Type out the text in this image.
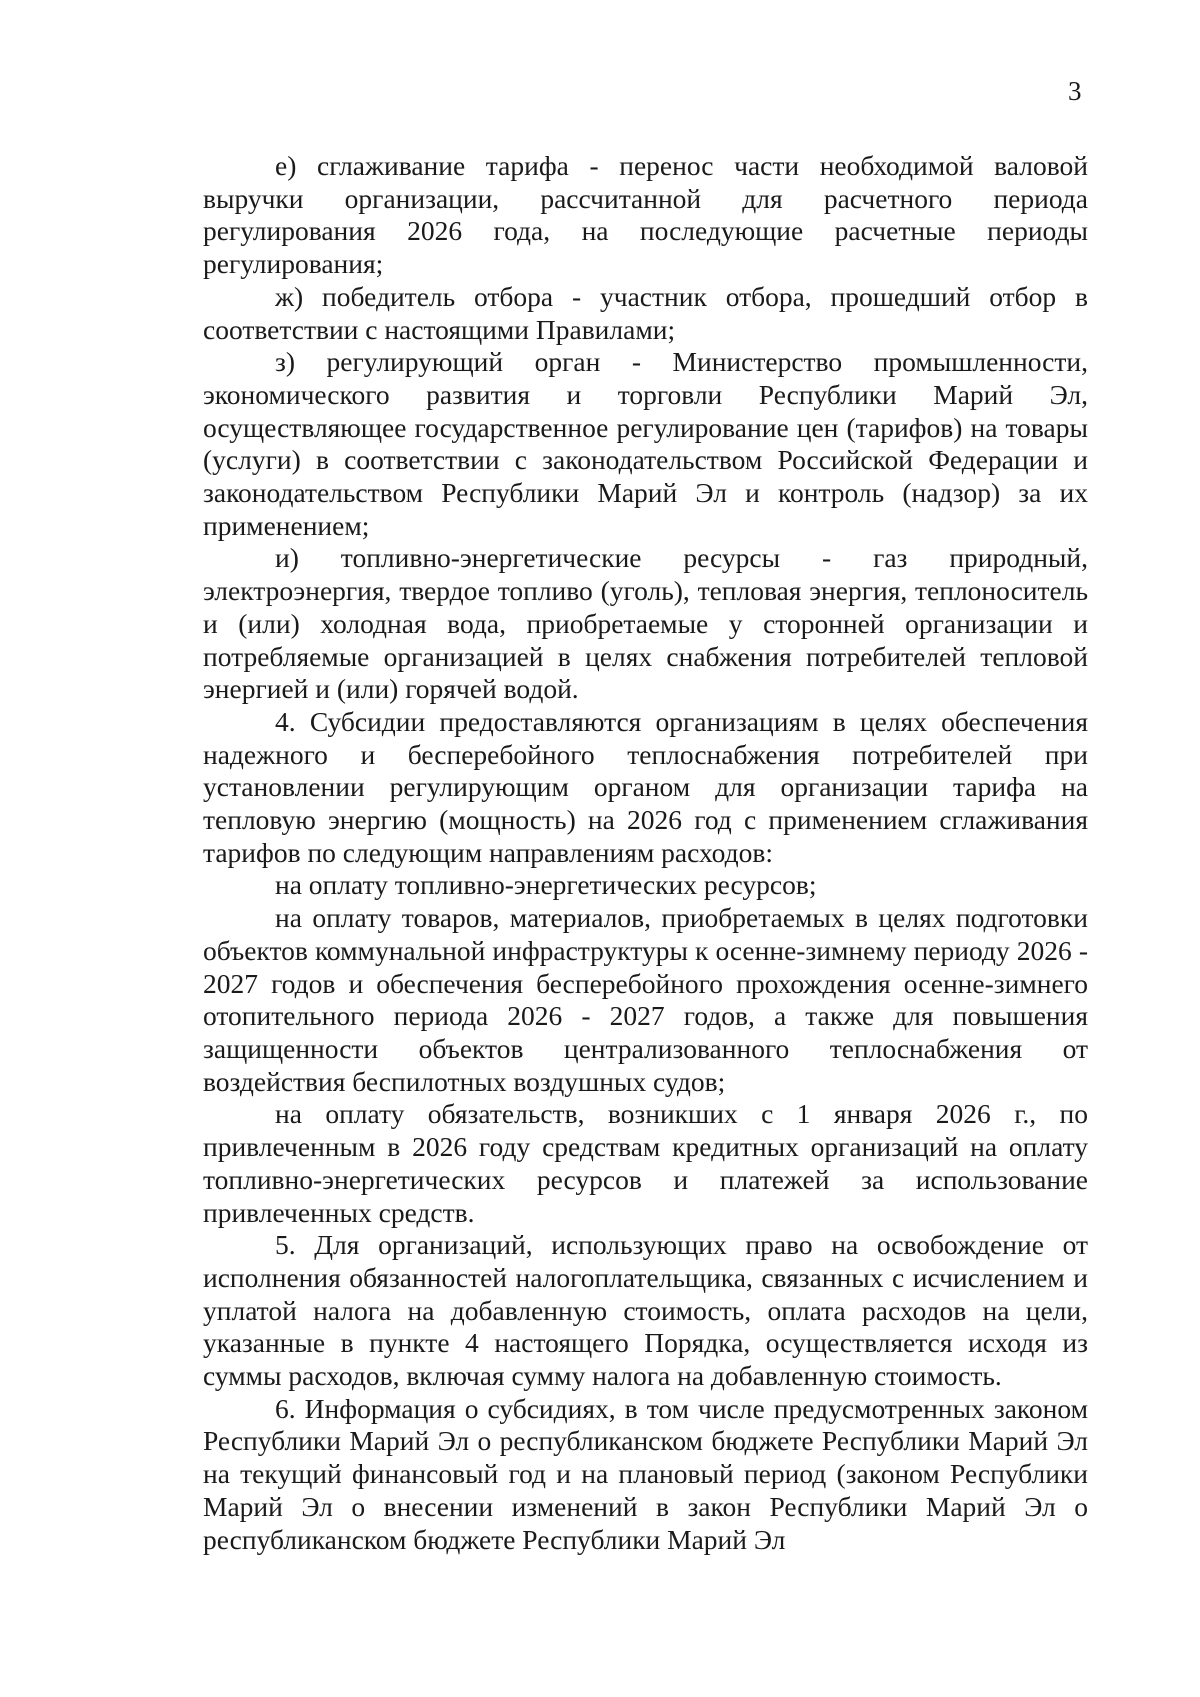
3

е) сглаживание тарифа - перенос части необходимой валовой выручки организации, рассчитанной для расчетного периода регулирования 2026 года, на последующие расчетные периоды регулирования;

ж) победитель отбора - участник отбора, прошедший отбор в соответствии с настоящими Правилами;

з) регулирующий орган - Министерство промышленности, экономического развития и торговли Республики Марий Эл, осуществляющее государственное регулирование цен (тарифов) на товары (услуги) в соответствии с законодательством Российской Федерации и законодательством Республики Марий Эл и контроль (надзор) за их применением;

и) топливно-энергетические ресурсы - газ природный, электроэнергия, твердое топливо (уголь), тепловая энергия, теплоноситель и (или) холодная вода, приобретаемые у сторонней организации и потребляемые организацией в целях снабжения потребителей тепловой энергией и (или) горячей водой.

4. Субсидии предоставляются организациям в целях обеспечения надежного и бесперебойного теплоснабжения потребителей при установлении регулирующим органом для организации тарифа на тепловую энергию (мощность) на 2026 год с применением сглаживания тарифов по следующим направлениям расходов:

на оплату топливно-энергетических ресурсов;

на оплату товаров, материалов, приобретаемых в целях подготовки объектов коммунальной инфраструктуры к осенне-зимнему периоду 2026 - 2027 годов и обеспечения бесперебойного прохождения осенне-зимнего отопительного периода 2026 - 2027 годов, а также для повышения защищенности объектов централизованного теплоснабжения от воздействия беспилотных воздушных судов;

на оплату обязательств, возникших с 1 января 2026 г., по привлеченным в 2026 году средствам кредитных организаций на оплату топливно-энергетических ресурсов и платежей за использование привлеченных средств.

5. Для организаций, использующих право на освобождение от исполнения обязанностей налогоплательщика, связанных с исчислением и уплатой налога на добавленную стоимость, оплата расходов на цели, указанные в пункте 4 настоящего Порядка, осуществляется исходя из суммы расходов, включая сумму налога на добавленную стоимость.

6. Информация о субсидиях, в том числе предусмотренных законом Республики Марий Эл о республиканском бюджете Республики Марий Эл на текущий финансовый год и на плановый период (законом Республики Марий Эл о внесении изменений в закон Республики Марий Эл о республиканском бюджете Республики Марий Эл
